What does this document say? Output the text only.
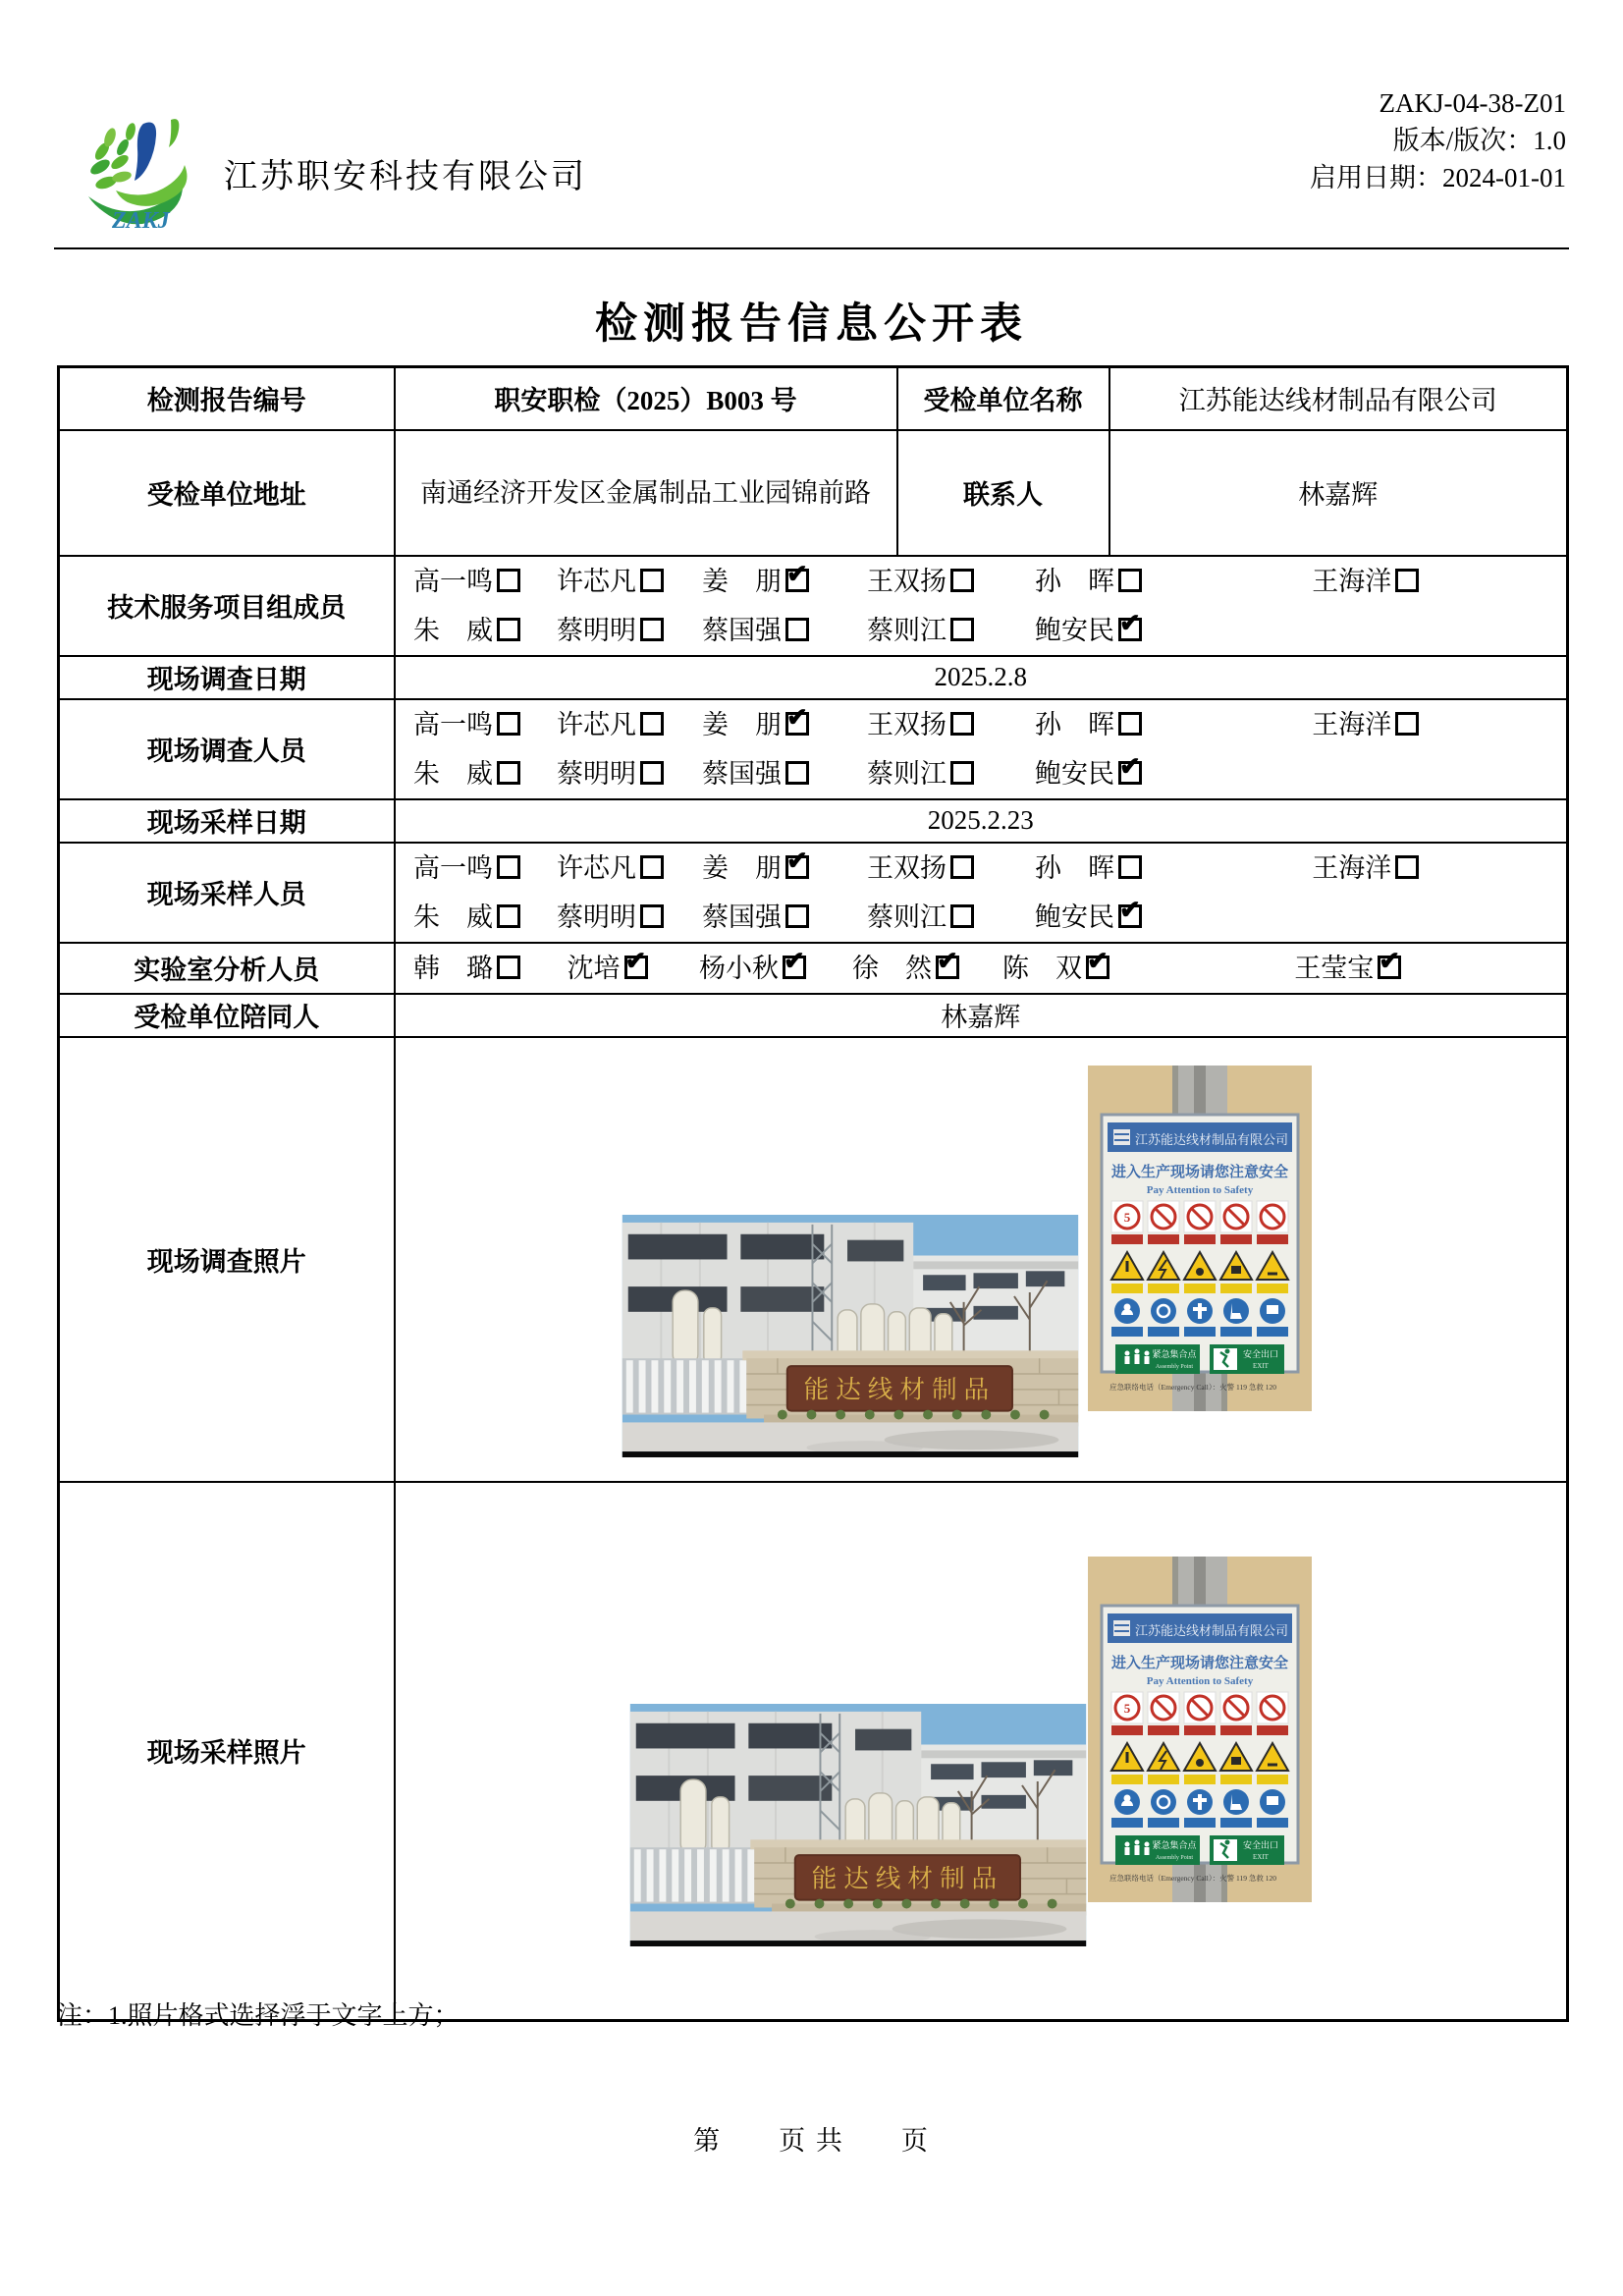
ZAKJ
江苏职安科技有限公司
ZAKJ-04-38-Z01
版本/版次：1.0
启用日期：2024-01-01
检测报告信息公开表
检测报告编号	职安职检（2025）B003 号	受检单位名称	江苏能达线材制品有限公司
受检单位地址	南通经济开发区金属制品工业园锦前路	联系人	林嘉辉
技术服务项目组成员	
高一鸣	许芯凡	姜　朋 ✔	王双扬	孙　晖	王海洋
朱　威	蔡明明	蔡国强	蔡则江	鲍安民✔

现场调查日期	2025.2.8		
现场调查人员	
高一鸣	许芯凡	姜　朋 ✔	王双扬	孙　晖	王海洋
朱　威	蔡明明	蔡国强	蔡则江	鲍安民✔

现场采样日期	2025.2.23		
现场采样人员	
高一鸣	许芯凡	姜　朋 ✔	王双扬	孙　晖	王海洋
朱　威	蔡明明	蔡国强	蔡则江	鲍安民✔

实验室分析人员	韩　璐	沈培 ✔	杨小秋 ✔	徐　然 ✔	陈　双 ✔	王莹宝✔

受检单位陪同人	林嘉辉		
现场调查照片	
能达线材制品
江苏能达线材制品有限公司
进入生产现场请您注意安全
Pay Attention to Safety
5
紧急集合点
Assembly Point
安全出口
EXIT
应急联络电话（Emergency Call）：火警 119 急救 120

现场采样照片	
能达线材制品
江苏能达线材制品有限公司
进入生产现场请您注意安全
Pay Attention to Safety
5
紧急集合点
Assembly Point
安全出口
EXIT
应急联络电话（Emergency Call）：火警 119 急救 120
注：1.照片格式选择浮于文字上方；
第　　页 共　　页
